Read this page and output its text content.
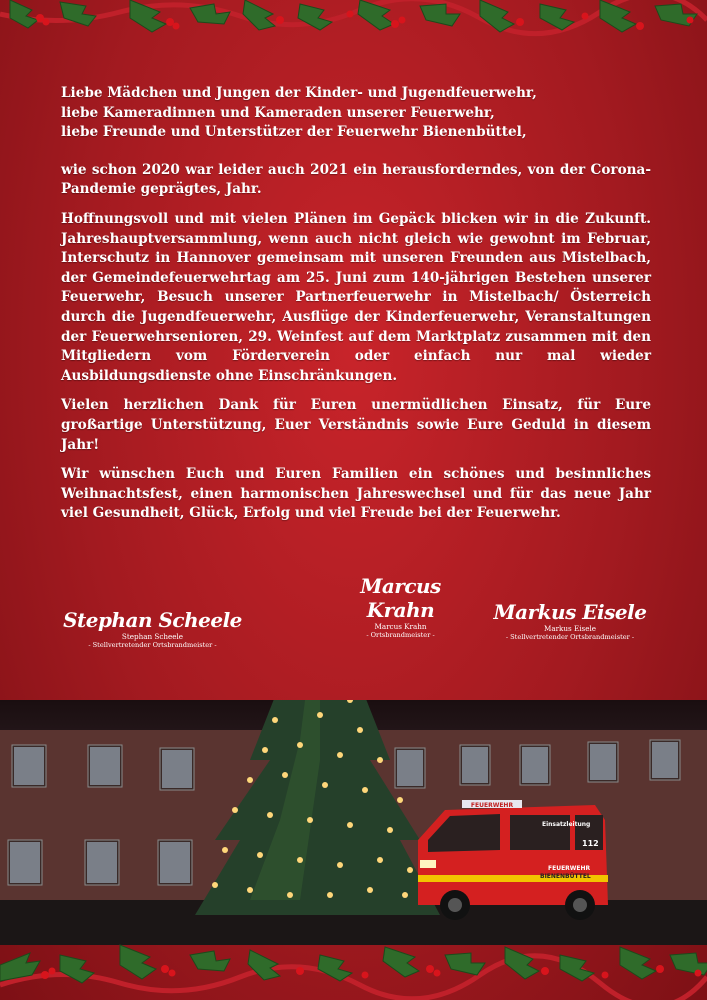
Liebe Mädchen und Jungen der Kinder- und Jugendfeuerwehr,

liebe Kameradinnen und Kameraden unserer Feuerwehr,

liebe Freunde und Unterstützer der Feuerwehr Bienenbüttel,

wie schon 2020 war leider auch 2021 ein herausforderndes, von der Corona-Pandemie geprägtes, Jahr.

Hoffnungsvoll und mit vielen Plänen im Gepäck blicken wir in die Zukunft. Jahreshauptversammlung, wenn auch nicht gleich wie gewohnt im Februar, Interschutz in Hannover gemeinsam mit unseren Freunden aus Mistelbach, der Gemeindefeuerwehrtag am 25. Juni zum 140-jährigen Bestehen unserer Feuerwehr, Besuch unserer Partnerfeuerwehr in Mistelbach/ Österreich durch die Jugendfeuerwehr, Ausflüge der Kinderfeuerwehr, Veranstaltungen der Feuerwehrsenioren, 29. Weinfest auf dem Marktplatz zusammen mit den Mitgliedern vom Förderverein oder einfach nur mal wieder Ausbildungsdienste ohne Einschränkungen.

Vielen herzlichen Dank für Euren unermüdlichen Einsatz, für Eure großartige Unterstützung, Euer Verständnis sowie Eure Geduld in diesem Jahr!

Wir wünschen Euch und Euren Familien ein schönes und besinnliches Weihnachtsfest, einen harmonischen Jahreswechsel und für das neue Jahr viel Gesundheit, Glück, Erfolg und viel Freude bei der Feuerwehr.

Stephan Scheele
Stephan Scheele
- Stellvertretender Ortsbrandmeister -
Marcus Krahn
Marcus Krahn
- Ortsbrandmeister -
Markus Eisele
Markus Eisele
- Stellvertretender Ortsbrandmeister -
FEUERWEHR
Einsatzleitung
112
FEUERWEHR
BIENENBÜTTEL
